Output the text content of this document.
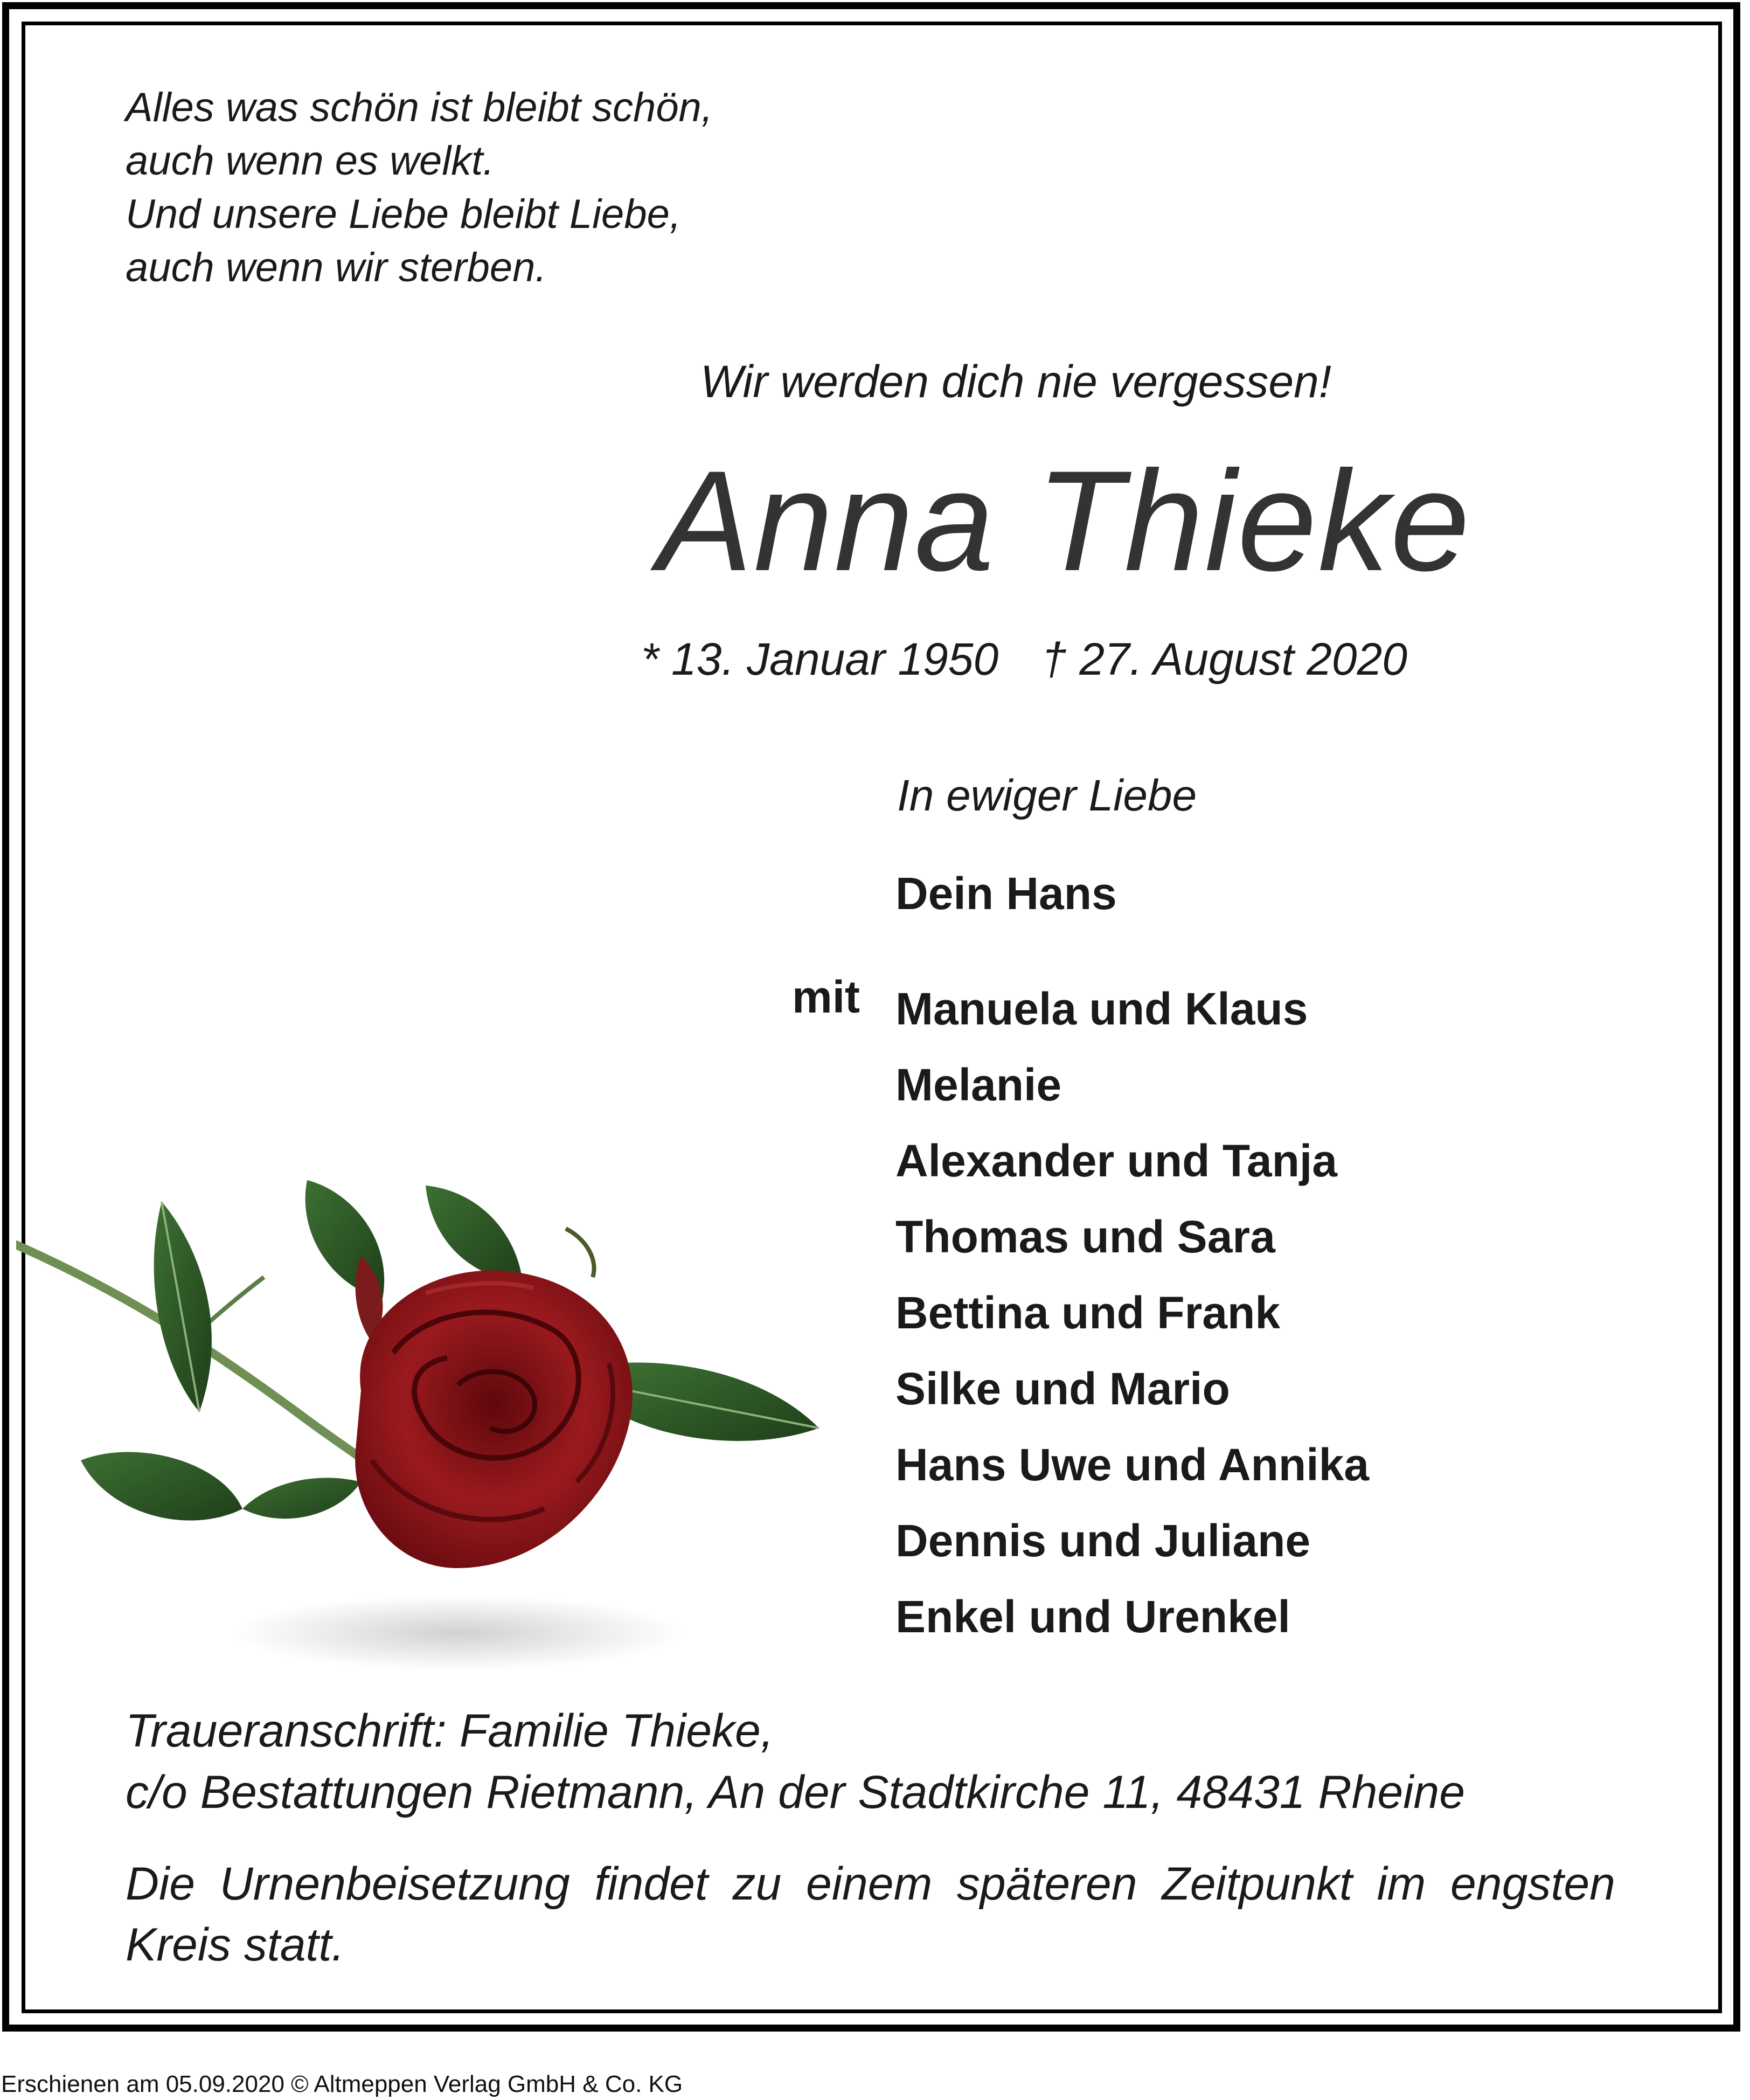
Alles was schön ist bleibt schön,
auch wenn es welkt.
Und unsere Liebe bleibt Liebe,
auch wenn wir sterben.
Wir werden dich nie vergessen!
Anna Thieke
* 13. Januar 1950 † 27. August 2020
In ewiger Liebe
Dein Hans
mit Manuela und Klaus
Melanie
Alexander und Tanja
Thomas und Sara
Bettina und Frank
Silke und Mario
Hans Uwe und Annika
Dennis und Juliane
Enkel und Urenkel
Traueranschrift: Familie Thieke,
c/o Bestattungen Rietmann, An der Stadtkirche 11, 48431 Rheine
Die Urnenbeisetzung findet zu einem späteren Zeitpunkt im engsten Kreis statt.
Erschienen am 05.09.2020 © Altmeppen Verlag GmbH & Co. KG
